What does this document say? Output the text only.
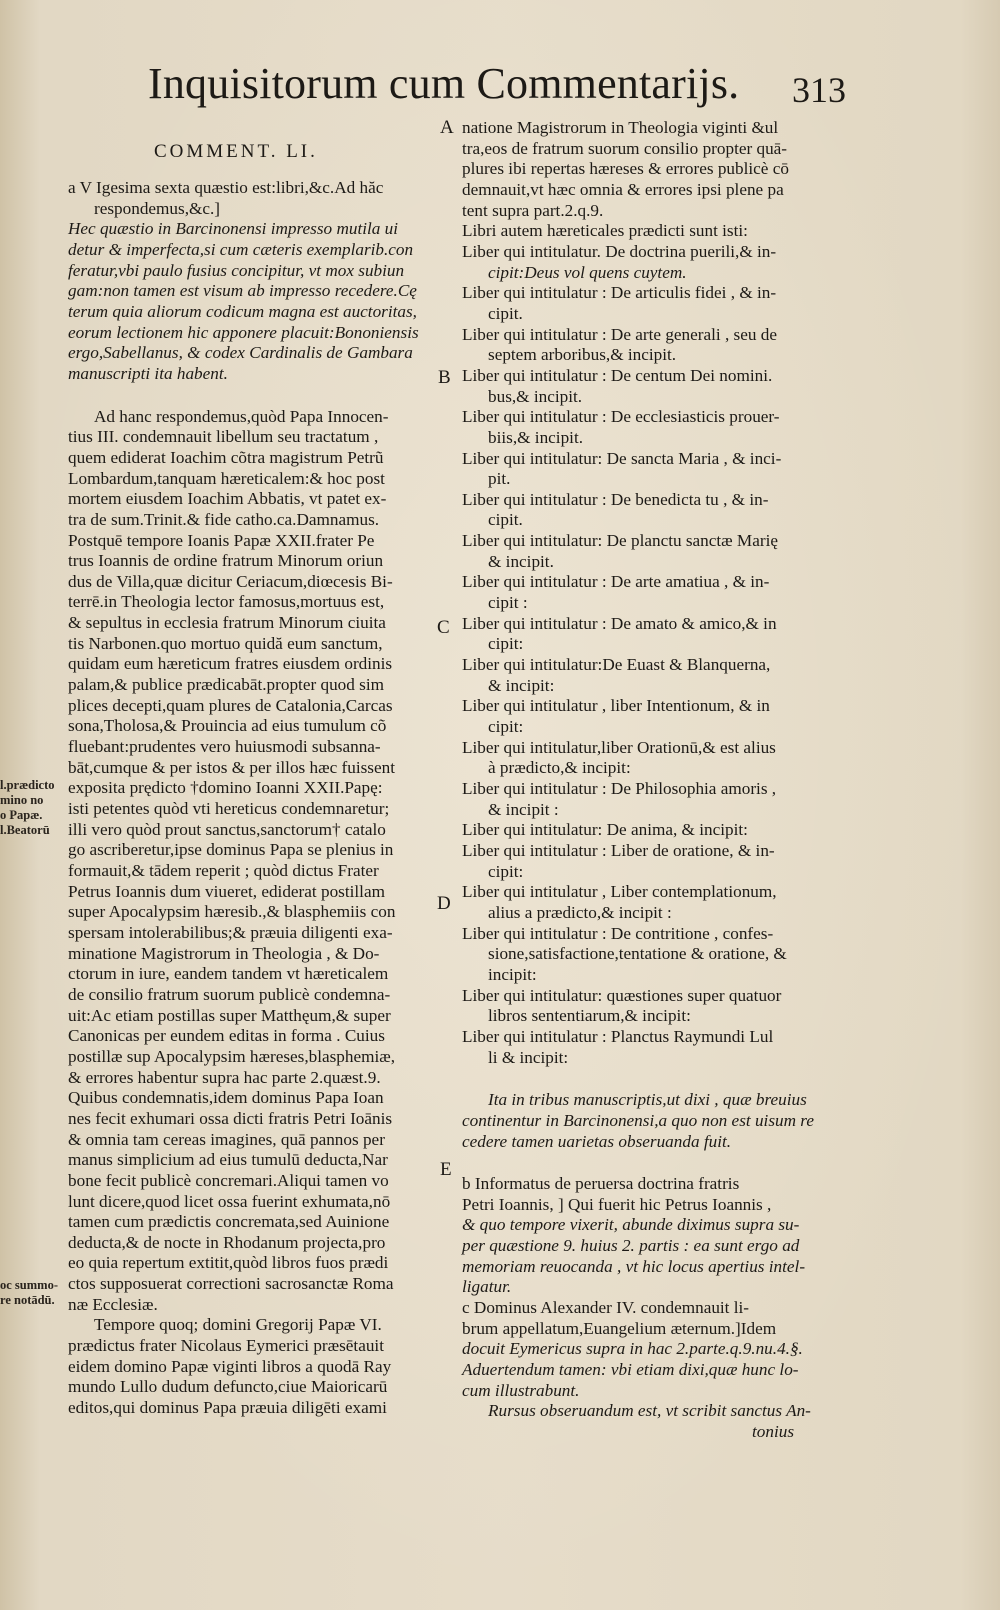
Inquisitorum cum Commentarijs. 313
COMMENT. LI.
a V Igesima sexta quæstio est:libri,&c.Ad hăc
respondemus,&c.]
Hec quæstio in Barcinonensi impresso mutila ui
detur & imperfecta,si cum cæteris exemplarib.con
feratur,vbi paulo fusius concipitur, vt mox subiun
gam:non tamen est visum ab impresso recedere.Cę
terum quia aliorum codicum magna est auctoritas,
eorum lectionem hic apponere placuit:Bononiensis
ergo,Sabellanus, & codex Cardinalis de Gambara
manuscripti ita habent.
Ad hanc respondemus,quòd Papa Innocen-
tius III. condemnauit libellum seu tractatum ,
quem ediderat Ioachim cõtra magistrum Petrũ
Lombardum,tanquam hæreticalem:& hoc post
mortem eiusdem Ioachim Abbatis, vt patet ex-
tra de sum.Trinit.& fide catho.ca.Damnamus.
Postquē tempore Ioanis Papæ XXII.frater Pe
trus Ioannis de ordine fratrum Minorum oriun
dus de Villa,quæ dicitur Ceriacum,diœcesis Bi-
terrē.in Theologia lector famosus,mortuus est,
& sepultus in ecclesia fratrum Minorum ciuita
tis Narbonen.quo mortuo quidă eum sanctum,
quidam eum hæreticum fratres eiusdem ordinis
palam,& publice prædicabāt.propter quod sim
plices decepti,quam plures de Catalonia,Carcas
sona,Tholosa,& Prouincia ad eius tumulum cõ
fluebant:prudentes vero huiusmodi subsanna-
bāt,cumque & per istos & per illos hæc fuissent
exposita prędicto †domino Ioanni XXII.Papę:
isti petentes quòd vti hereticus condemnaretur;
illi vero quòd prout sanctus,sanctorum† catalo
go ascriberetur,ipse dominus Papa se plenius in
formauit,& tādem reperit ; quòd dictus Frater
Petrus Ioannis dum viueret, ediderat postillam
super Apocalypsim hæresib.,& blasphemiis con
spersam intolerabilibus;& præuia diligenti exa-
minatione Magistrorum in Theologia , & Do-
ctorum in iure, eandem tandem vt hæreticalem
de consilio fratrum suorum publicè condemna-
uit:Ac etiam postillas super Matthęum,& super
Canonicas per eundem editas in forma . Cuius
postillæ sup Apocalypsim hæreses,blasphemiæ,
& errores habentur supra hac parte 2.quæst.9.
Quibus condemnatis,idem dominus Papa Ioan
nes fecit exhumari ossa dicti fratris Petri Ioānis
& omnia tam cereas imagines, quā pannos per
manus simplicium ad eius tumulū deducta,Nar
bone fecit publicè concremari.Aliqui tamen vo
lunt dicere,quod licet ossa fuerint exhumata,nō
tamen cum prædictis concremata,sed Auinione
deducta,& de nocte in Rhodanum projecta,pro
eo quia repertum extitit,quòd libros fuos prædi
ctos supposuerat correctioni sacrosanctæ Roma
næ Ecclesiæ.
Tempore quoq; domini Gregorij Papæ VI.
prædictus frater Nicolaus Eymerici præsētauit
eidem domino Papæ viginti libros a quodā Ray
mundo Lullo dudum defuncto,ciue Maioricarū
editos,qui dominus Papa præuia diligēti exami
l.prædicto
mino no
o Papæ.
l.Beatorū
oc summo-
re notādū.
A
B
C
D
E
natione Magistrorum in Theologia viginti &ul
tra,eos de fratrum suorum consilio propter quā-
plures ibi repertas hæreses & errores publicè cō
demnauit,vt hæc omnia & errores ipsi plene pa
tent supra part.2.q.9.
Libri autem hæreticales prædicti sunt isti:
Liber qui intitulatur. De doctrina puerili,& in-
cipit:Deus vol quens cuytem.
Liber qui intitulatur : De articulis fidei , & in-
cipit.
Liber qui intitulatur : De arte generali , seu de
septem arboribus,& incipit.
Liber qui intitulatur : De centum Dei nomini.
bus,& incipit.
Liber qui intitulatur : De ecclesiasticis prouer-
biis,& incipit.
Liber qui intitulatur: De sancta Maria , & inci-
pit.
Liber qui intitulatur : De benedicta tu , & in-
cipit.
Liber qui intitulatur: De planctu sanctæ Marię
& incipit.
Liber qui intitulatur : De arte amatiua , & in-
cipit :
Liber qui intitulatur : De amato & amico,& in
cipit:
Liber qui intitulatur:De Euast & Blanquerna,
& incipit:
Liber qui intitulatur , liber Intentionum, & in
cipit:
Liber qui intitulatur,liber Orationū,& est alius
à prædicto,& incipit:
Liber qui intitulatur : De Philosophia amoris ,
& incipit :
Liber qui intitulatur: De anima, & incipit:
Liber qui intitulatur : Liber de oratione, & in-
cipit:
Liber qui intitulatur , Liber contemplationum,
alius a prædicto,& incipit :
Liber qui intitulatur : De contritione , confes-
sione,satisfactione,tentatione & oratione, &
incipit:
Liber qui intitulatur: quæstiones super quatuor
libros sententiarum,& incipit:
Liber qui intitulatur : Planctus Raymundi Lul
li & incipit:
Ita in tribus manuscriptis,ut dixi , quæ breuius
continentur in Barcinonensi,a quo non est uisum re
cedere tamen uarietas obseruanda fuit.
b Informatus de peruersa doctrina fratris
Petri Ioannis, ] Qui fuerit hic Petrus Ioannis ,
& quo tempore vixerit, abunde diximus supra su-
per quæstione 9. huius 2. partis : ea sunt ergo ad
memoriam reuocanda , vt hic locus apertius intel-
ligatur.
c Dominus Alexander IV. condemnauit li-
brum appellatum,Euangelium æternum.]Idem
docuit Eymericus supra in hac 2.parte.q.9.nu.4.§.
Aduertendum tamen: vbi etiam dixi,quæ hunc lo-
cum illustrabunt.
Rursus obseruandum est, vt scribit sanctus An-
tonius
